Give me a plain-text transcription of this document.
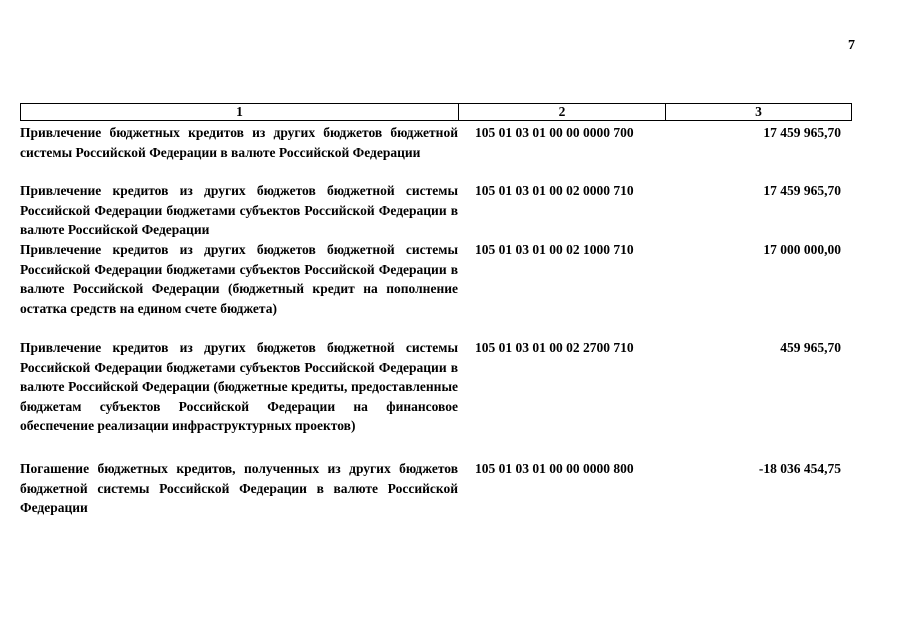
7
1	2	3
Привлечение бюджетных кредитов из других бюджетов бюджетной системы Российской Федерации в валюте Российской Федерации
105 01 03 01 00 00 0000 700	17 459 965,70
Привлечение кредитов из других бюджетов бюджетной системы Российской Федерации бюджетами субъектов Российской Федерации в валюте Российской Федерации
105 01 03 01 00 02 0000 710	17 459 965,70
Привлечение кредитов из других бюджетов бюджетной системы Российской Федерации бюджетами субъектов Российской Федерации в валюте Российской Федерации (бюджетный кредит на пополнение остатка средств на едином счете бюджета)
105 01 03 01 00 02 1000 710	17 000 000,00
Привлечение кредитов из других бюджетов бюджетной системы Российской Федерации бюджетами субъектов Российской Федерации в валюте Российской Федерации (бюджетные кредиты, предоставленные бюджетам субъектов Российской Федерации на финансовое обеспечение реализации инфраструктурных проектов)
105 01 03 01 00 02 2700 710	459 965,70
Погашение бюджетных кредитов, полученных из других бюджетов бюджетной системы Российской Федерации в валюте Российской Федерации
105 01 03 01 00 00 0000 800	-18 036 454,75
